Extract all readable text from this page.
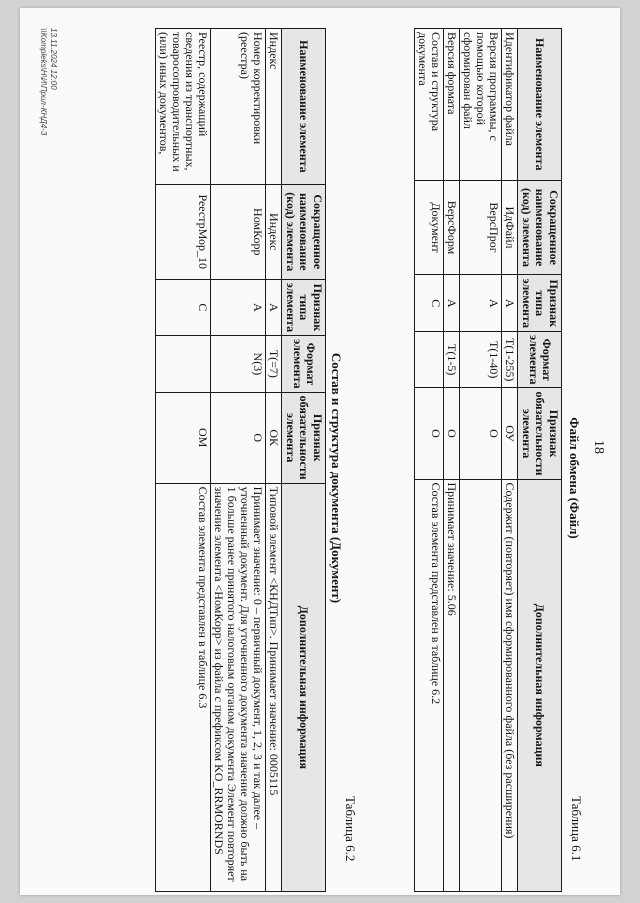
18
Таблица 6.1
Файл обмена (Файл)
Наименование элемента	Сокращенное наименование (код) элемента	Признак типа элемента	Формат элемента	Признак обязательности элемента	Дополнительная информация
Идентификатор файла	ИдФайл	А	T(1-255)	ОУ	Содержит (повторяет) имя сформированного файла (без расширения)
Версия программы, с помощью которой сформирован файл	ВерсПрог	А	T(1-40)	О	
Версия формата	ВерсФорм	А	T(1-5)	О	Принимает значение: 5.06
Состав и структура документа	Документ	С		О	Состав элемента представлен в таблице 6.2
Таблица 6.2
Состав и структура документа (Документ)
Наименование элемента	Сокращенное наименование (код) элемента	Признак типа элемента	Формат элемента	Признак обязательности элемента	Дополнительная информация
Индекс	Индекс	А	T(=7)	ОК	Типовой элемент <КНДТип>. Принимает значение: 0005115
Номер корректировки (реестра)	НомКорр	А	N(3)	О	Принимает значение: 0 – первичный документ, 1, 2, 3 и так далее – уточненный документ. Для уточненного документа значение должно быть на 1 больше ранее принятого налоговым органом документа Элемент повторяет значение элемента <НомКорр> из файла с префиксом KO_RRMORNDS
Реестр, содержащий сведения из транспортных, товаросопроводительных и (или) иных документов,	РеестрМор_10	С		ОМ	Состав элемента представлен в таблице 6.3
13.11.2024 12:00
\\Kompleks\Н\И\Прил-КНД4-3
